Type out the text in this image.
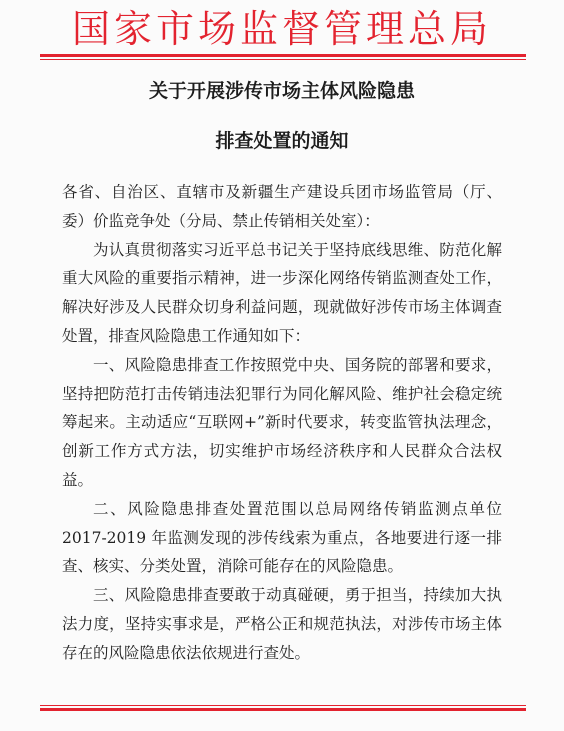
国家市场监督管理总局
关于开展涉传市场主体风险隐患
排查处置的通知

各省、自治区、直辖市及新疆生产建设兵团市场监管局（厅、委）价监竞争处（分局、禁止传销相关处室）：

为认真贯彻落实习近平总书记关于坚持底线思维、防范化解重大风险的重要指示精神，进一步深化网络传销监测查处工作，解决好涉及人民群众切身利益问题，现就做好涉传市场主体调查处置，排查风险隐患工作通知如下：

一、风险隐患排查工作按照党中央、国务院的部署和要求，坚持把防范打击传销违法犯罪行为同化解风险、维护社会稳定统筹起来。主动适应“互联网+”新时代要求，转变监管执法理念，创新工作方式方法，切实维护市场经济秩序和人民群众合法权益。

二、风险隐患排查处置范围以总局网络传销监测点单位2017-2019 年监测发现的涉传线索为重点，各地要进行逐一排查、核实、分类处置，消除可能存在的风险隐患。

三、风险隐患排查要敢于动真碰硬，勇于担当，持续加大执法力度，坚持实事求是，严格公正和规范执法，对涉传市场主体存在的风险隐患依法依规进行查处。
